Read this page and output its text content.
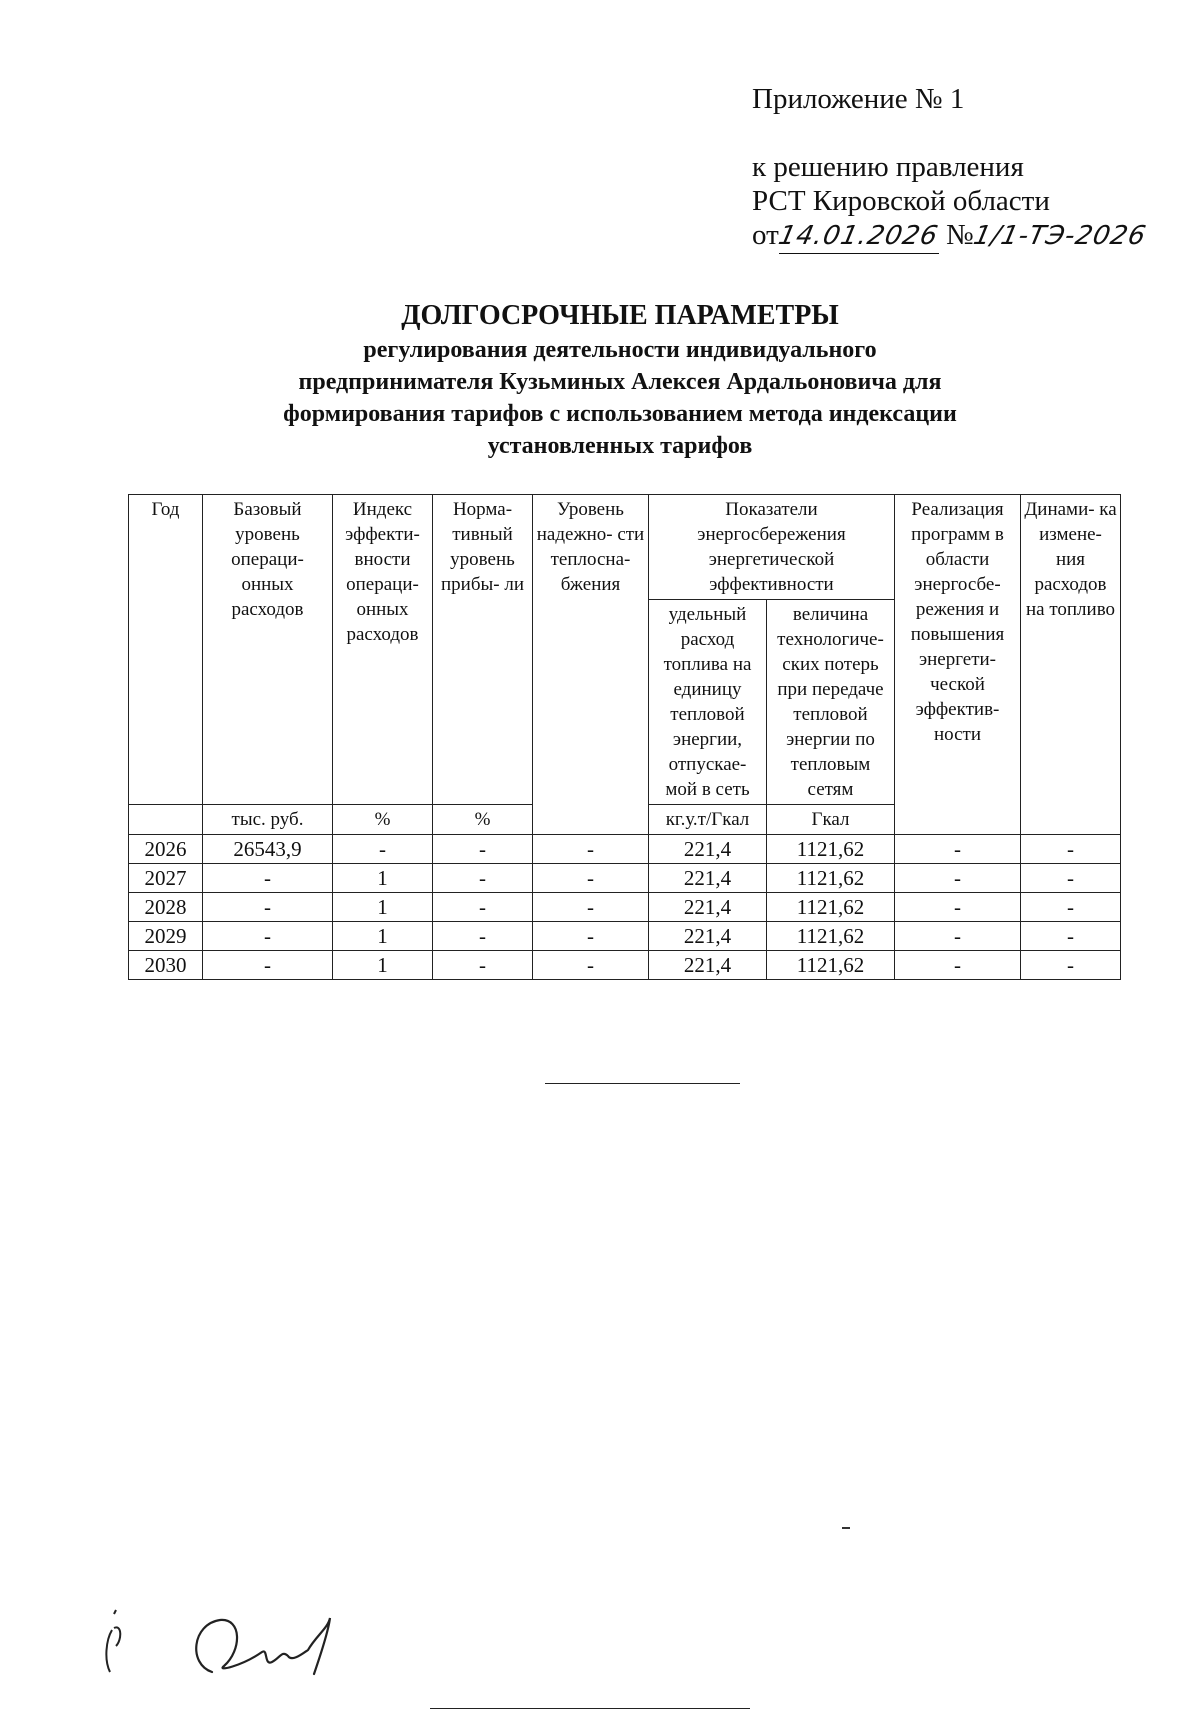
Приложение № 1
к решению правления
РСТ Кировской области
от14.01.2026 №1/1-ТЭ-2026
ДОЛГОСРОЧНЫЕ ПАРАМЕТРЫ
регулирования деятельности индивидуального
предпринимателя Кузьминых Алексея Ардальоновича для
формирования тарифов с использованием метода индексации
установленных тарифов
Год	Базовый уровень операци- онных расходов	Индекс эффекти- вности операци- онных расходов	Норма- тивный уровень прибы- ли	Уровень надежно- сти теплосна- бжения	Показатели энергосбережения энергетической эффективности		Реализация программ в области энергосбе- режения и повышения энергети- ческой эффектив- ности	Динами- ка измене- ния расходов на топливо
					удельный расход топлива на единицу тепловой энергии, отпускае- мой в сеть	величина технологиче- ских потерь при передаче тепловой энергии по тепловым сетям		
	тыс. руб.	%	%		кг.у.т/Гкал	Гкал		
2026	26543,9	-	-	-	221,4	1121,62	-	-
2027	-	1	-	-	221,4	1121,62	-	-
2028	-	1	-	-	221,4	1121,62	-	-
2029	-	1	-	-	221,4	1121,62	-	-
2030	-	1	-	-	221,4	1121,62	-	-
